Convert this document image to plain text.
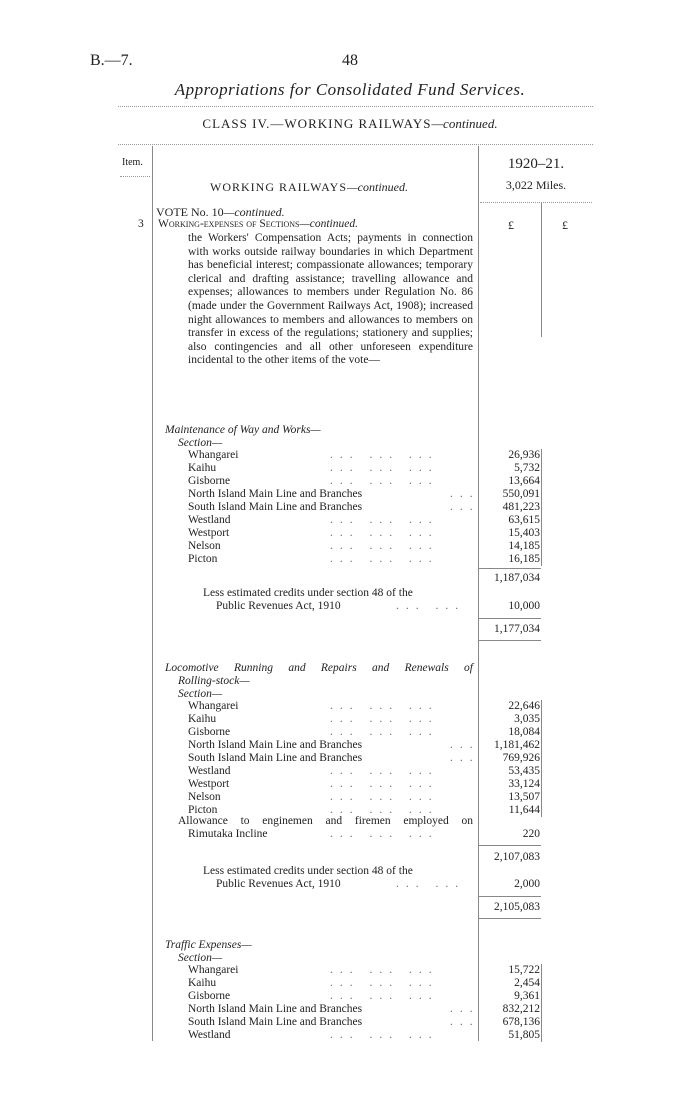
B.—7.	48
Appropriations for Consolidated Fund Services.
CLASS IV.—WORKING RAILWAYS—continued.
Item.	1920–21.
3,022 Miles.
WORKING RAILWAYS—continued.
VOTE No. 10—continued.
3 Working-expenses of Sections—continued.	£	£
the Workers' Compensation Acts; payments in connection with works outside railway boundaries in which Department has beneficial interest; compassionate allowances; temporary clerical and drafting assistance; travelling allowance and expenses; allowances to members under Regulation No. 86 (made under the Government Railways Act, 1908); increased night allowances to members and allowances to members on transfer in excess of the regulations; stationery and supplies; also contingencies and all other unforeseen expenditure incidental to the other items of the vote—
Maintenance of Way and Works—
Section—
Whangarei	... ... ...	26,936
Kaihu	... ... ...	5,732
Gisborne	... ... ...	13,664
North Island Main Line and Branches	...	550,091
South Island Main Line and Branches	...	481,223
Westland	... ... ...	63,615
Westport	... ... ...	15,403
Nelson	... ... ...	14,185
Picton	... ... ...	16,185
1,187,034
Less estimated credits under section 48 of the
Public Revenues Act, 1910	... ...	10,000
1,177,034
Locomotive Running and Repairs and Renewals of
Rolling-stock—
Section—
Whangarei	... ... ...	22,646
Kaihu	... ... ...	3,035
Gisborne	... ... ...	18,084
North Island Main Line and Branches	...	1,181,462
South Island Main Line and Branches	...	769,926
Westland	... ... ...	53,435
Westport	... ... ...	33,124
Nelson	... ... ...	13,507
Picton	... ... ...	11,644
Allowance to enginemen and firemen employed on
Rimutaka Incline	... ... ...	220
2,107,083
Less estimated credits under section 48 of the
Public Revenues Act, 1910	... ...	2,000
2,105,083
Traffic Expenses—
Section—
Whangarei	... ... ...	15,722
Kaihu	... ... ...	2,454
Gisborne	... ... ...	9,361
North Island Main Line and Branches	...	832,212
South Island Main Line and Branches	...	678,136
Westland	... ... ...	51,805
